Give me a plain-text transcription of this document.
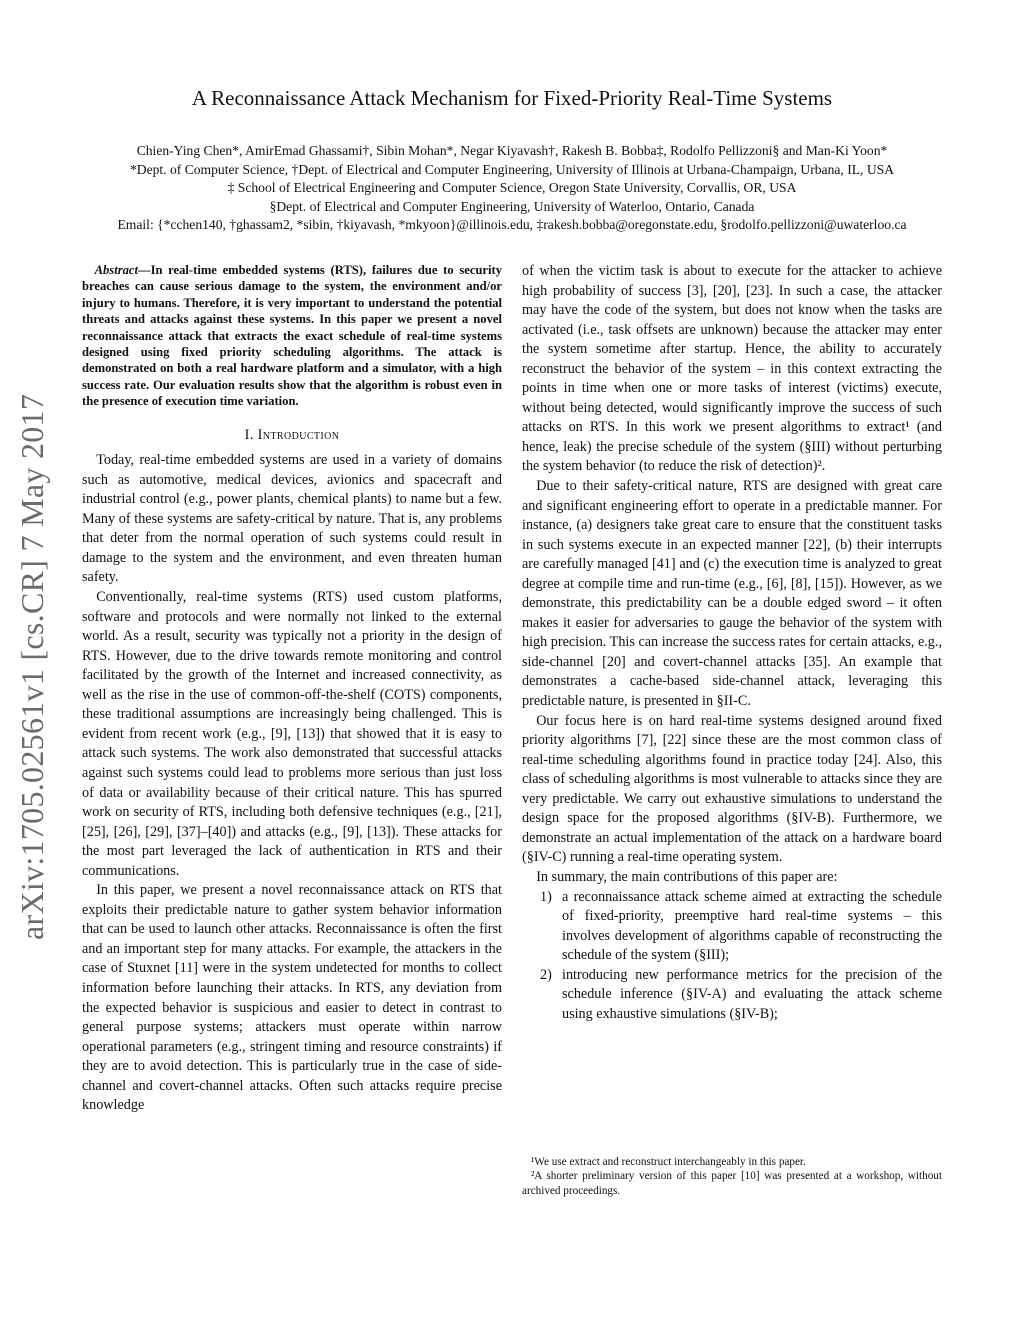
arXiv:1705.02561v1 [cs.CR] 7 May 2017
A Reconnaissance Attack Mechanism for Fixed-Priority Real-Time Systems
Chien-Ying Chen*, AmirEmad Ghassami†, Sibin Mohan*, Negar Kiyavash†, Rakesh B. Bobba‡, Rodolfo Pellizzoni§ and Man-Ki Yoon*
*Dept. of Computer Science, †Dept. of Electrical and Computer Engineering, University of Illinois at Urbana-Champaign, Urbana, IL, USA
‡ School of Electrical Engineering and Computer Science, Oregon State University, Corvallis, OR, USA
§Dept. of Electrical and Computer Engineering, University of Waterloo, Ontario, Canada
Email: {*cchen140, †ghassam2, *sibin, †kiyavash, *mkyoon}@illinois.edu, ‡rakesh.bobba@oregonstate.edu, §rodolfo.pellizzoni@uwaterloo.ca

Abstract—In real-time embedded systems (RTS), failures due to security breaches can cause serious damage to the system, the environment and/or injury to humans. Therefore, it is very important to understand the potential threats and attacks against these systems. In this paper we present a novel reconnaissance attack that extracts the exact schedule of real-time systems designed using fixed priority scheduling algorithms. The attack is demonstrated on both a real hardware platform and a simulator, with a high success rate. Our evaluation results show that the algorithm is robust even in the presence of execution time variation.

I. Introduction

Today, real-time embedded systems are used in a variety of domains such as automotive, medical devices, avionics and spacecraft and industrial control (e.g., power plants, chemical plants) to name but a few. Many of these systems are safety-critical by nature. That is, any problems that deter from the normal operation of such systems could result in damage to the system and the environment, and even threaten human safety.

Conventionally, real-time systems (RTS) used custom platforms, software and protocols and were normally not linked to the external world. As a result, security was typically not a priority in the design of RTS. However, due to the drive towards remote monitoring and control facilitated by the growth of the Internet and increased connectivity, as well as the rise in the use of common-off-the-shelf (COTS) components, these traditional assumptions are increasingly being challenged. This is evident from recent work (e.g., [9], [13]) that showed that it is easy to attack such systems. The work also demonstrated that successful attacks against such systems could lead to problems more serious than just loss of data or availability because of their critical nature. This has spurred work on security of RTS, including both defensive techniques (e.g., [21], [25], [26], [29], [37]–[40]) and attacks (e.g., [9], [13]). These attacks for the most part leveraged the lack of authentication in RTS and their communications.

In this paper, we present a novel reconnaissance attack on RTS that exploits their predictable nature to gather system behavior information that can be used to launch other attacks. Reconnaissance is often the first and an important step for many attacks. For example, the attackers in the case of Stuxnet [11] were in the system undetected for months to collect information before launching their attacks. In RTS, any deviation from the expected behavior is suspicious and easier to detect in contrast to general purpose systems; attackers must operate within narrow operational parameters (e.g., stringent timing and resource constraints) if they are to avoid detection. This is particularly true in the case of side-channel and covert-channel attacks. Often such attacks require precise knowledge

of when the victim task is about to execute for the attacker to achieve high probability of success [3], [20], [23]. In such a case, the attacker may have the code of the system, but does not know when the tasks are activated (i.e., task offsets are unknown) because the attacker may enter the system sometime after startup. Hence, the ability to accurately reconstruct the behavior of the system – in this context extracting the points in time when one or more tasks of interest (victims) execute, without being detected, would significantly improve the success of such attacks on RTS. In this work we present algorithms to extract¹ (and hence, leak) the precise schedule of the system (§III) without perturbing the system behavior (to reduce the risk of detection)².

Due to their safety-critical nature, RTS are designed with great care and significant engineering effort to operate in a predictable manner. For instance, (a) designers take great care to ensure that the constituent tasks in such systems execute in an expected manner [22], (b) their interrupts are carefully managed [41] and (c) the execution time is analyzed to great degree at compile time and run-time (e.g., [6], [8], [15]). However, as we demonstrate, this predictability can be a double edged sword – it often makes it easier for adversaries to gauge the behavior of the system with high precision. This can increase the success rates for certain attacks, e.g., side-channel [20] and covert-channel attacks [35]. An example that demonstrates a cache-based side-channel attack, leveraging this predictable nature, is presented in §II-C.

Our focus here is on hard real-time systems designed around fixed priority algorithms [7], [22] since these are the most common class of real-time scheduling algorithms found in practice today [24]. Also, this class of scheduling algorithms is most vulnerable to attacks since they are very predictable. We carry out exhaustive simulations to understand the design space for the proposed algorithms (§IV-B). Furthermore, we demonstrate an actual implementation of the attack on a hardware board (§IV-C) running a real-time operating system.

In summary, the main contributions of this paper are:

1) a reconnaissance attack scheme aimed at extracting the schedule of fixed-priority, preemptive hard real-time systems – this involves development of algorithms capable of reconstructing the schedule of the system (§III);
2) introducing new performance metrics for the precision of the schedule inference (§IV-A) and evaluating the attack scheme using exhaustive simulations (§IV-B);

¹We use extract and reconstruct interchangeably in this paper.

²A shorter preliminary version of this paper [10] was presented at a workshop, without archived proceedings.
